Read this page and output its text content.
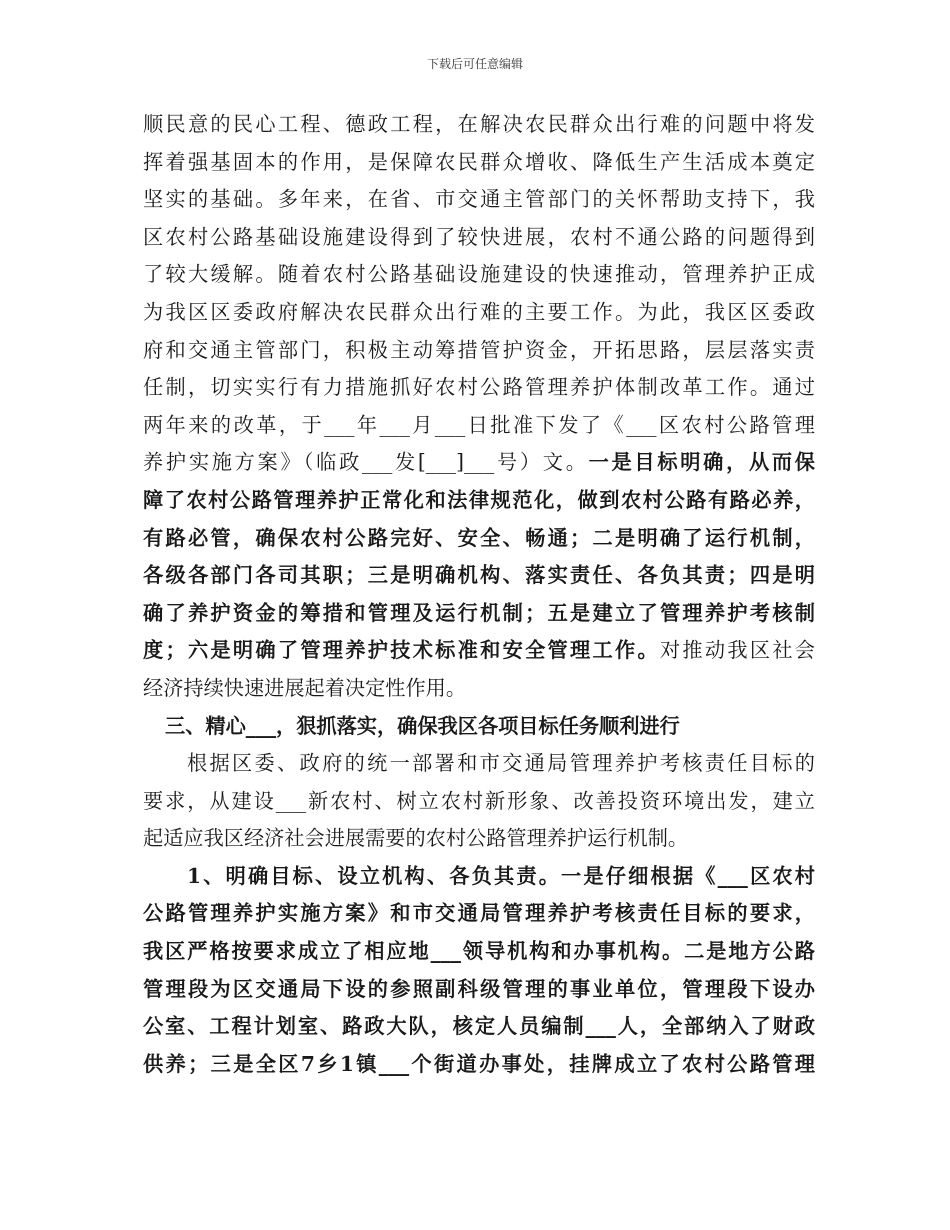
下载后可任意编辑
顺民意的民心工程、德政工程，在解决农民群众出行难的问题中将发
挥着强基固本的作用，是保障农民群众增收、降低生产生活成本奠定
坚实的基础。多年来，在省、市交通主管部门的关怀帮助支持下，我
区农村公路基础设施建设得到了较快进展，农村不通公路的问题得到
了较大缓解。随着农村公路基础设施建设的快速推动，管理养护正成
为我区区委政府解决农民群众出行难的主要工作。为此，我区区委政
府和交通主管部门，积极主动筹措管护资金，开拓思路，层层落实责
任制，切实实行有力措施抓好农村公路管理养护体制改革工作。通过
两年来的改革，于___年___月___日批准下发了《___区农村公路管理
养护实施方案》（临政___发[___]___号）文。一是目标明确，从而保
障了农村公路管理养护正常化和法律规范化，做到农村公路有路必养，
有路必管，确保农村公路完好、安全、畅通；二是明确了运行机制，
各级各部门各司其职；三是明确机构、落实责任、各负其责；四是明
确了养护资金的筹措和管理及运行机制；五是建立了管理养护考核制
度；六是明确了管理养护技术标准和安全管理工作。对推动我区社会
经济持续快速进展起着决定性作用。
三、精心___，狠抓落实，确保我区各项目标任务顺利进行
根据区委、政府的统一部署和市交通局管理养护考核责任目标的
要求，从建设___新农村、树立农村新形象、改善投资环境出发，建立
起适应我区经济社会进展需要的农村公路管理养护运行机制。
1、明确目标、设立机构、各负其责。一是仔细根据《___区农村
公路管理养护实施方案》和市交通局管理养护考核责任目标的要求，
我区严格按要求成立了相应地___领导机构和办事机构。二是地方公路
管理段为区交通局下设的参照副科级管理的事业单位，管理段下设办
公室、工程计划室、路政大队，核定人员编制___人，全部纳入了财政
供养；三是全区7乡1镇___个街道办事处，挂牌成立了农村公路管理
